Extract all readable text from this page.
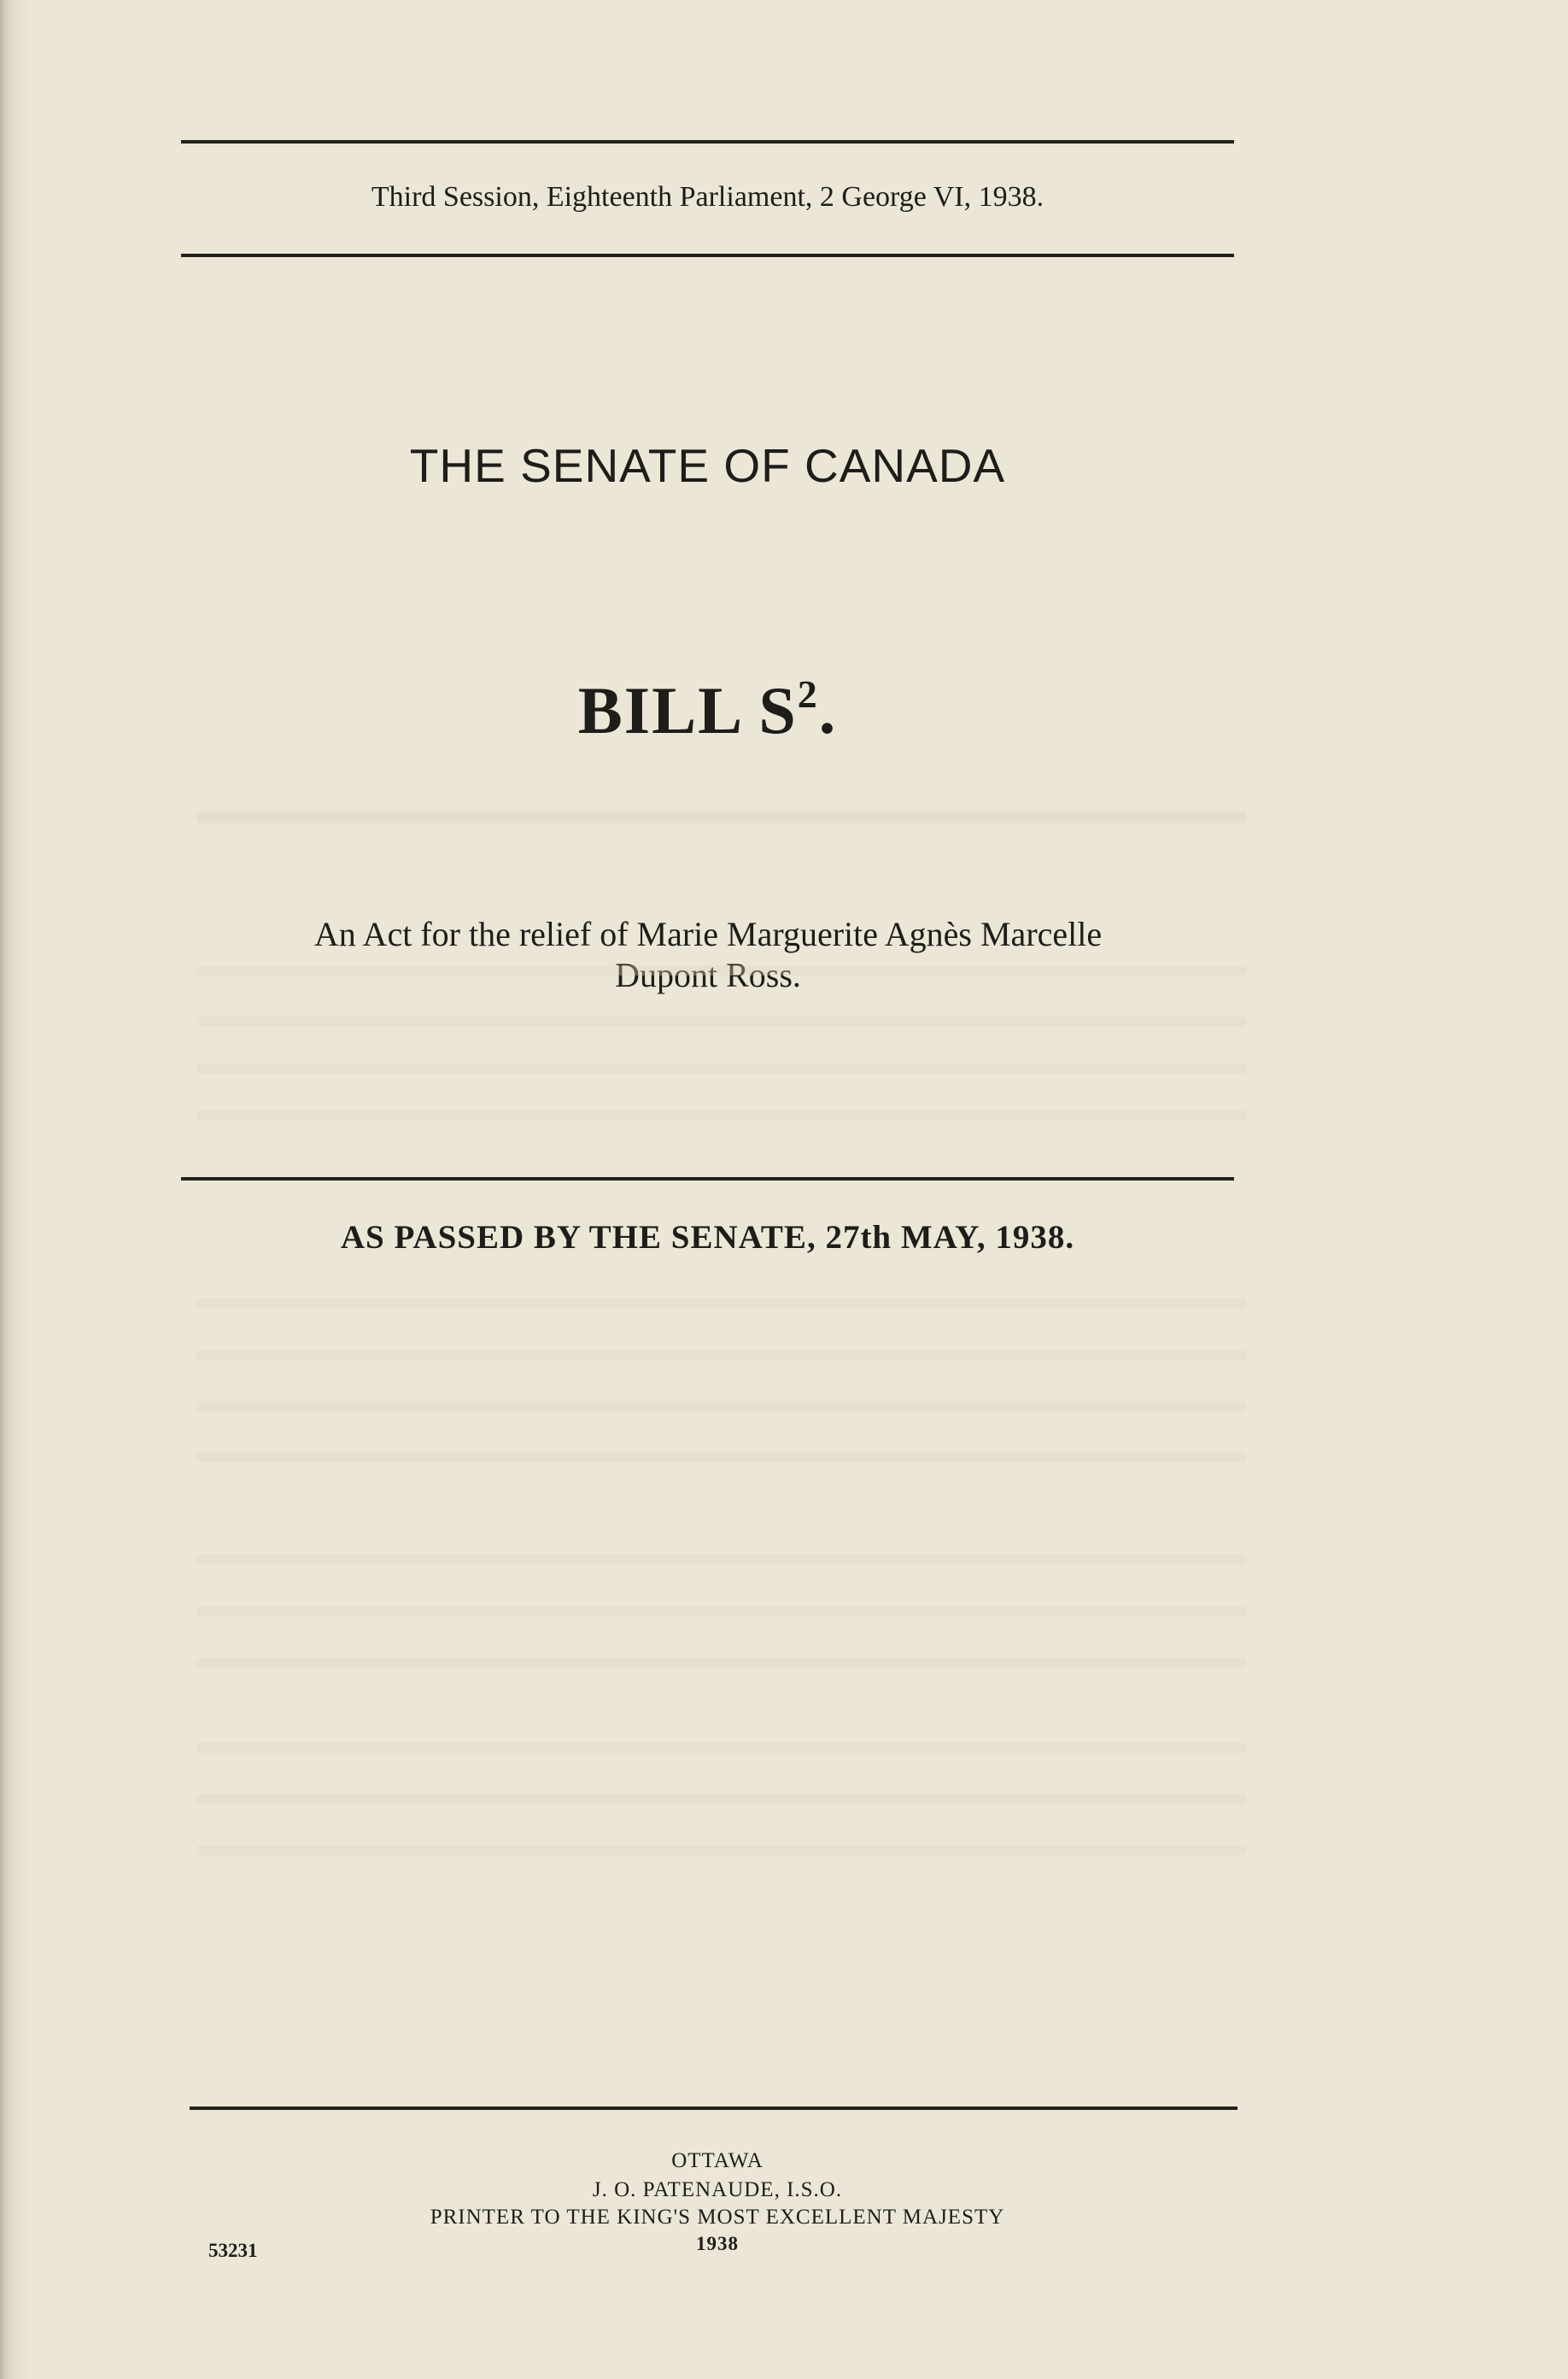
Third Session, Eighteenth Parliament, 2 George VI, 1938.
THE SENATE OF CANADA
BILL $S^2$.
An Act for the relief of Marie Marguerite Agnès Marcelle
Dupont Ross.
AS PASSED BY THE SENATE, 27th MAY, 1938.
OTTAWA
J. O. PATENAUDE, I.S.O.
PRINTER TO THE KING'S MOST EXCELLENT MAJESTY
1938
53231
